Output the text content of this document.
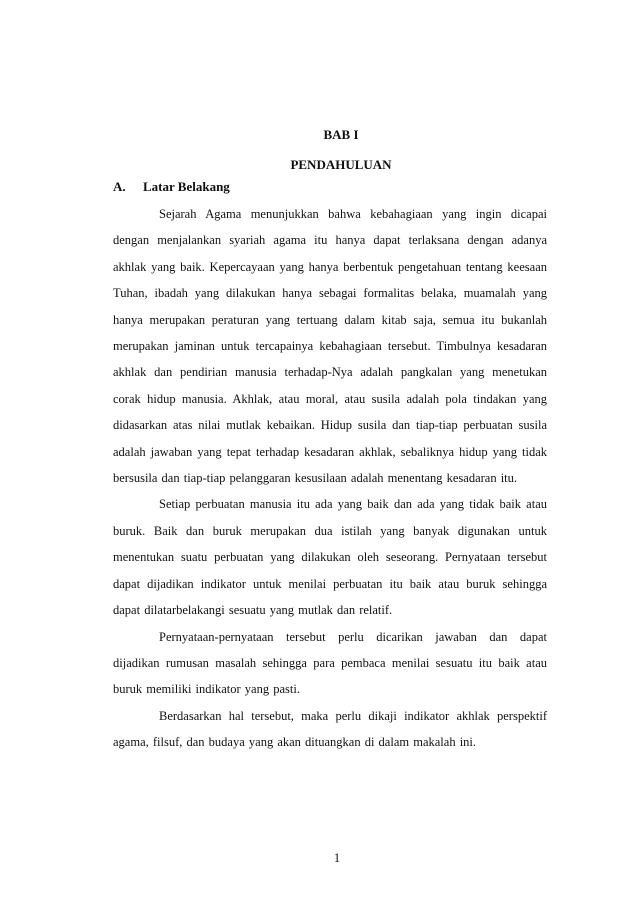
BAB I
PENDAHULUAN
A. Latar Belakang

Sejarah Agama menunjukkan bahwa kebahagiaan yang ingin dicapai dengan menjalankan syariah agama itu hanya dapat terlaksana dengan adanya akhlak yang baik. Kepercayaan yang hanya berbentuk pengetahuan tentang keesaan Tuhan, ibadah yang dilakukan hanya sebagai formalitas belaka, muamalah yang hanya merupakan peraturan yang tertuang dalam kitab saja, semua itu bukanlah merupakan jaminan untuk tercapainya kebahagiaan tersebut. Timbulnya kesadaran akhlak dan pendirian manusia terhadap-Nya adalah pangkalan yang menetukan corak hidup manusia. Akhlak, atau moral, atau susila adalah pola tindakan yang didasarkan atas nilai mutlak kebaikan. Hidup susila dan tiap-tiap perbuatan susila adalah jawaban yang tepat terhadap kesadaran akhlak, sebaliknya hidup yang tidak bersusila dan tiap-tiap pelanggaran kesusilaan adalah menentang kesadaran itu.

Setiap perbuatan manusia itu ada yang baik dan ada yang tidak baik atau buruk. Baik dan buruk merupakan dua istilah yang banyak digunakan untuk menentukan suatu perbuatan yang dilakukan oleh seseorang. Pernyataan tersebut dapat dijadikan indikator untuk menilai perbuatan itu baik atau buruk sehingga dapat dilatarbelakangi sesuatu yang mutlak dan relatif.

Pernyataan-pernyataan tersebut perlu dicarikan jawaban dan dapat dijadikan rumusan masalah sehingga para pembaca menilai sesuatu itu baik atau buruk memiliki indikator yang pasti.

Berdasarkan hal tersebut, maka perlu dikaji indikator akhlak perspektif agama, filsuf, dan budaya yang akan dituangkan di dalam makalah ini.

1
